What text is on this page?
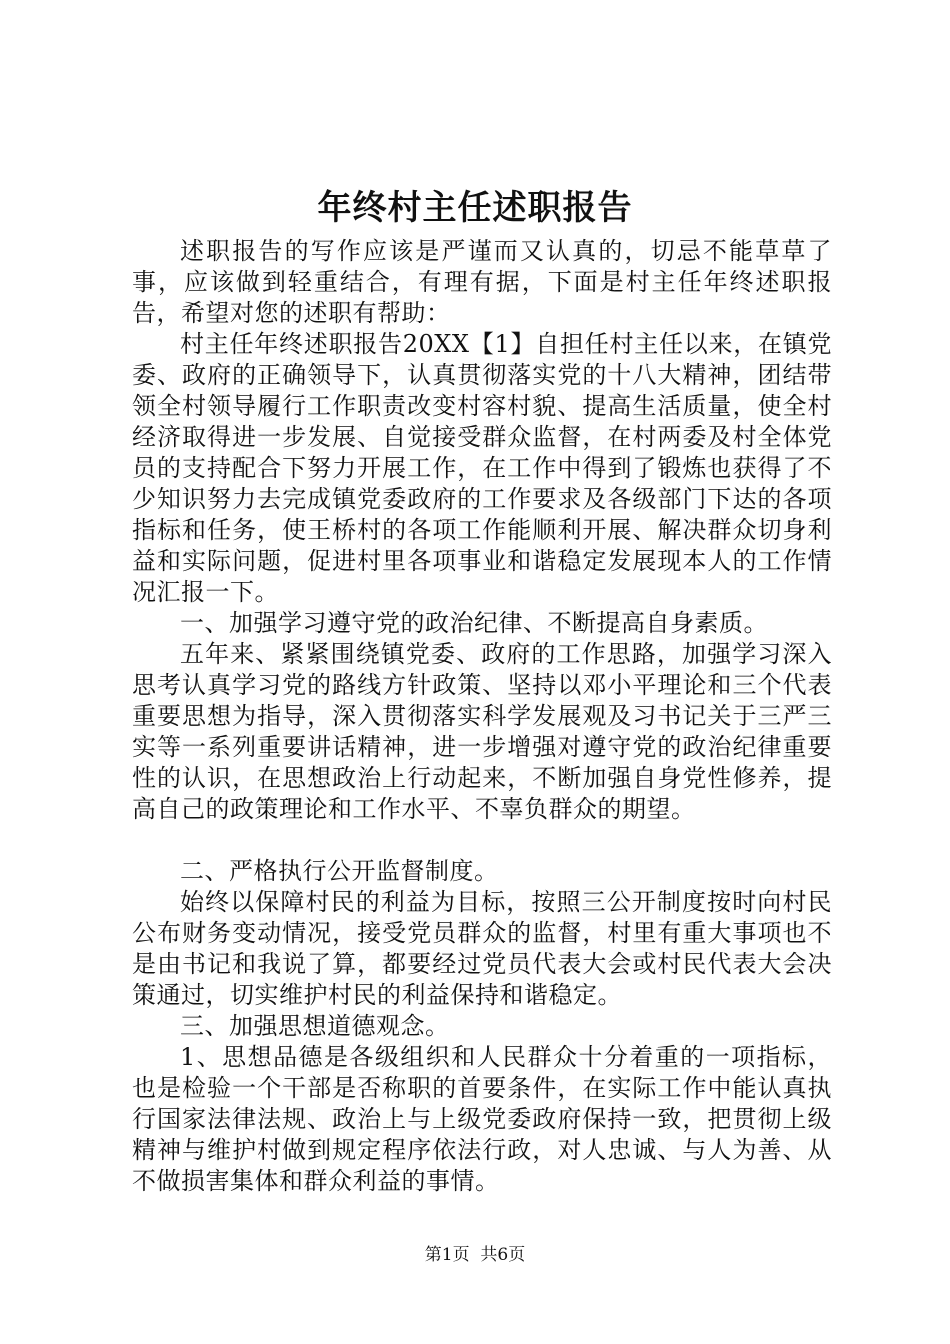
年终村主任述职报告

述职报告的写作应该是严谨而又认真的，切忌不能草草了事，应该做到轻重结合，有理有据，下面是村主任年终述职报告，希望对您的述职有帮助：

村主任年终述职报告20XX【1】自担任村主任以来，在镇党委、政府的正确领导下，认真贯彻落实党的十八大精神，团结带领全村领导履行工作职责改变村容村貌、提高生活质量，使全村经济取得进一步发展、自觉接受群众监督，在村两委及村全体党员的支持配合下努力开展工作，在工作中得到了锻炼也获得了不少知识努力去完成镇党委政府的工作要求及各级部门下达的各项指标和任务，使王桥村的各项工作能顺利开展、解决群众切身利益和实际问题，促进村里各项事业和谐稳定发展现本人的工作情况汇报一下。

一、加强学习遵守党的政治纪律、不断提高自身素质。

五年来、紧紧围绕镇党委、政府的工作思路，加强学习深入思考认真学习党的路线方针政策、坚持以邓小平理论和三个代表重要思想为指导，深入贯彻落实科学发展观及习书记关于三严三实等一系列重要讲话精神，进一步增强对遵守党的政治纪律重要性的认识，在思想政治上行动起来，不断加强自身党性修养，提高自己的政策理论和工作水平、不辜负群众的期望。

二、严格执行公开监督制度。

始终以保障村民的利益为目标，按照三公开制度按时向村民公布财务变动情况，接受党员群众的监督，村里有重大事项也不是由书记和我说了算，都要经过党员代表大会或村民代表大会决策通过，切实维护村民的利益保持和谐稳定。

三、加强思想道德观念。

1、思想品德是各级组织和人民群众十分着重的一项指标，也是检验一个干部是否称职的首要条件，在实际工作中能认真执行国家法律法规、政治上与上级党委政府保持一致，把贯彻上级精神与维护村做到规定程序依法行政，对人忠诚、与人为善、从不做损害集体和群众利益的事情。

第1页  共6页
